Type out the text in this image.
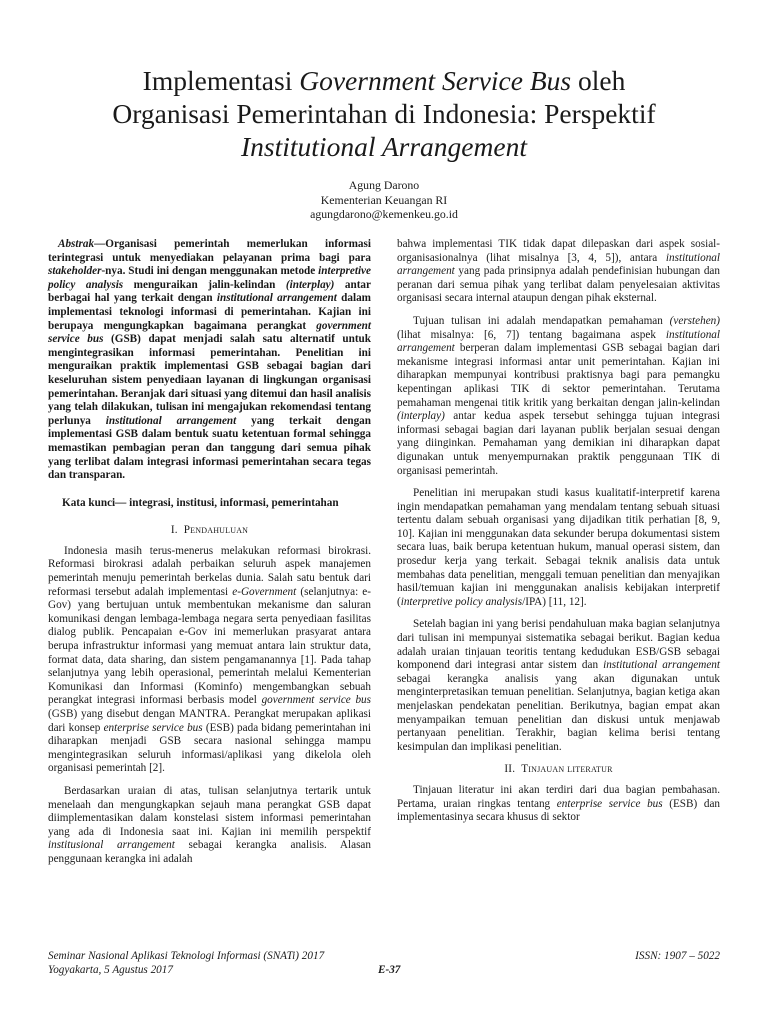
Implementasi Government Service Bus oleh
Organisasi Pemerintahan di Indonesia: Perspektif
Institutional Arrangement
Agung Darono
Kementerian Keuangan RI
agungdarono@kemenkeu.go.id

Abstrak—Organisasi pemerintah memerlukan informasi terintegrasi untuk menyediakan pelayanan prima bagi para stakeholder-nya. Studi ini dengan menggunakan metode interpretive policy analysis menguraikan jalin-kelindan (interplay) antar berbagai hal yang terkait dengan institutional arrangement dalam implementasi teknologi informasi di pemerintahan. Kajian ini berupaya mengungkapkan bagaimana perangkat government service bus (GSB) dapat menjadi salah satu alternatif untuk mengintegrasikan informasi pemerintahan. Penelitian ini menguraikan praktik implementasi GSB sebagai bagian dari keseluruhan sistem penyediaan layanan di lingkungan organisasi pemerintahan. Beranjak dari situasi yang ditemui dan hasil analisis yang telah dilakukan, tulisan ini mengajukan rekomendasi tentang perlunya institutional arrangement yang terkait dengan implementasi GSB dalam bentuk suatu ketentuan formal sehingga memastikan pembagian peran dan tanggung dari semua pihak yang terlibat dalam integrasi informasi pemerintahan secara tegas dan transparan.

Kata kunci— integrasi, institusi, informasi, pemerintahan

I. Pendahuluan

Indonesia masih terus-menerus melakukan reformasi birokrasi. Reformasi birokrasi adalah perbaikan seluruh aspek manajemen pemerintah menuju pemerintah berkelas dunia. Salah satu bentuk dari reformasi tersebut adalah implementasi e-Government (selanjutnya: e-Gov) yang bertujuan untuk membentukan mekanisme dan saluran komunikasi dengan lembaga-lembaga negara serta penyediaan fasilitas dialog publik. Pencapaian e-Gov ini memerlukan prasyarat antara berupa infrastruktur informasi yang memuat antara lain struktur data, format data, data sharing, dan sistem pengamanannya [1]. Pada tahap selanjutnya yang lebih operasional, pemerintah melalui Kementerian Komunikasi dan Informasi (Kominfo) mengembangkan sebuah perangkat integrasi informasi berbasis model government service bus (GSB) yang disebut dengan MANTRA. Perangkat merupakan aplikasi dari konsep enterprise service bus (ESB) pada bidang pemerintahan ini diharapkan menjadi GSB secara nasional sehingga mampu mengintegrasikan seluruh informasi/aplikasi yang dikelola oleh organisasi pemerintah [2].

Berdasarkan uraian di atas, tulisan selanjutnya tertarik untuk menelaah dan mengungkapkan sejauh mana perangkat GSB dapat diimplementasikan dalam konstelasi sistem informasi pemerintahan yang ada di Indonesia saat ini. Kajian ini memilih perspektif institusional arrangement sebagai kerangka analisis. Alasan penggunaan kerangka ini adalah

bahwa implementasi TIK tidak dapat dilepaskan dari aspek sosial-organisasionalnya (lihat misalnya [3, 4, 5]), antara institutional arrangement yang pada prinsipnya adalah pendefinisian hubungan dan peranan dari semua pihak yang terlibat dalam penyelesaian aktivitas organisasi secara internal ataupun dengan pihak eksternal.

Tujuan tulisan ini adalah mendapatkan pemahaman (verstehen) (lihat misalnya: [6, 7]) tentang bagaimana aspek institutional arrangement berperan dalam implementasi GSB sebagai bagian dari mekanisme integrasi informasi antar unit pemerintahan. Kajian ini diharapkan mempunyai kontribusi praktisnya bagi para pemangku kepentingan aplikasi TIK di sektor pemerintahan. Terutama pemahaman mengenai titik kritik yang berkaitan dengan jalin-kelindan (interplay) antar kedua aspek tersebut sehingga tujuan integrasi informasi sebagai bagian dari layanan publik berjalan sesuai dengan yang diinginkan. Pemahaman yang demikian ini diharapkan dapat digunakan untuk menyempurnakan praktik penggunaan TIK di organisasi pemerintah.

Penelitian ini merupakan studi kasus kualitatif-interpretif karena ingin mendapatkan pemahaman yang mendalam tentang sebuah situasi tertentu dalam sebuah organisasi yang dijadikan titik perhatian [8, 9, 10]. Kajian ini menggunakan data sekunder berupa dokumentasi sistem secara luas, baik berupa ketentuan hukum, manual operasi sistem, dan prosedur kerja yang terkait. Sebagai teknik analisis data untuk membahas data penelitian, menggali temuan penelitian dan menyajikan hasil/temuan kajian ini menggunakan analisis kebijakan interpretif (interpretive policy analysis/IPA) [11, 12].

Setelah bagian ini yang berisi pendahuluan maka bagian selanjutnya dari tulisan ini mempunyai sistematika sebagai berikut. Bagian kedua adalah uraian tinjauan teoritis tentang kedudukan ESB/GSB sebagai komponend dari integrasi antar sistem dan institutional arrangement sebagai kerangka analisis yang akan digunakan untuk menginterpretasikan temuan penelitian. Selanjutnya, bagian ketiga akan menjelaskan pendekatan penelitian. Berikutnya, bagian empat akan menyampaikan temuan penelitian dan diskusi untuk menjawab pertanyaan penelitian. Terakhir, bagian kelima berisi tentang kesimpulan dan implikasi penelitian.

II. Tinjauan literatur

Tinjauan literatur ini akan terdiri dari dua bagian pembahasan. Pertama, uraian ringkas tentang enterprise service bus (ESB) dan implementasinya secara khusus di sektor

Seminar Nasional Aplikasi Teknologi Informasi (SNATi) 2017	ISSN: 1907 – 5022
Yogyakarta, 5 Agustus 2017	E-37
